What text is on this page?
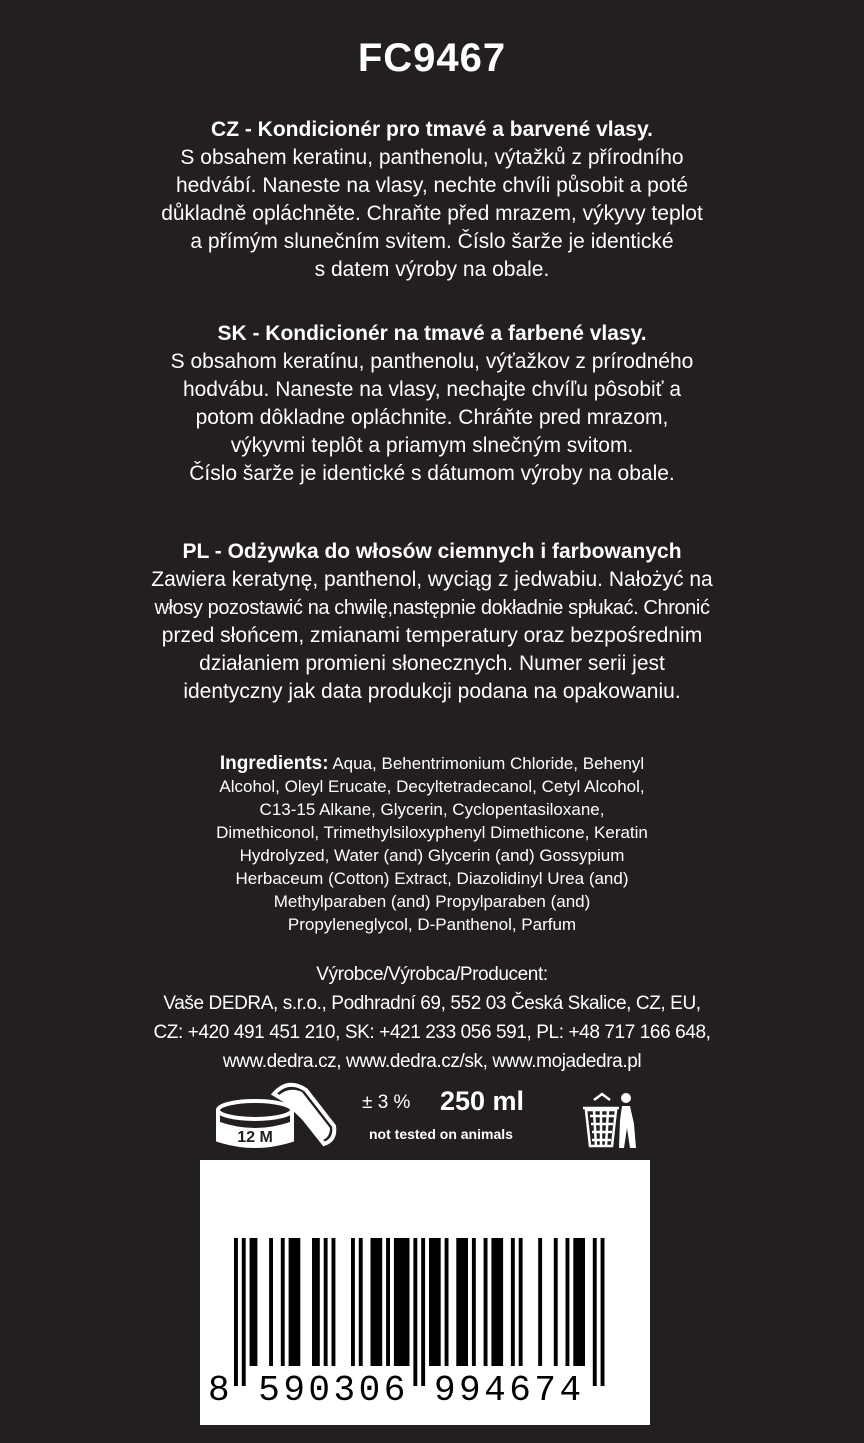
FC9467
CZ - Kondicionér pro tmavé a barvené vlasy.
S obsahem keratinu, panthenolu, výtažků z přírodního
hedvábí. Naneste na vlasy, nechte chvíli působit a poté
důkladně opláchněte. Chraňte před mrazem, výkyvy teplot
a přímým slunečním svitem. Číslo šarže je identické
s datem výroby na obale.
SK - Kondicionér na tmavé a farbené vlasy.
S obsahom keratínu, panthenolu, výťažkov z prírodného
hodvábu. Naneste na vlasy, nechajte chvíľu pôsobiť a
potom dôkladne opláchnite. Chráňte pred mrazom,
výkyvmi teplôt a priamym slnečným svitom.
Číslo šarže je identické s dátumom výroby na obale.
PL - Odżywka do włosów ciemnych i farbowanych
Zawiera keratynę, panthenol, wyciąg z jedwabiu. Nałożyć na
włosy pozostawić na chwilę,następnie dokładnie spłukać. Chronić
przed słońcem, zmianami temperatury oraz bezpośrednim
działaniem promieni słonecznych. Numer serii jest
identyczny jak data produkcji podana na opakowaniu.
Ingredients: Aqua, Behentrimonium Chloride, Behenyl
Alcohol, Oleyl Erucate, Decyltetradecanol, Cetyl Alcohol,
C13-15 Alkane, Glycerin, Cyclopentasiloxane,
Dimethiconol, Trimethylsiloxyphenyl Dimethicone, Keratin
Hydrolyzed, Water (and) Glycerin (and) Gossypium
Herbaceum (Cotton) Extract, Diazolidinyl Urea (and)
Methylparaben (and) Propylparaben (and)
Propyleneglycol, D-Panthenol, Parfum
Výrobce/Výrobca/Producent:
Vaše DEDRA, s.r.o., Podhradní 69, 552 03 Česká Skalice, CZ, EU,
CZ: +420 491 451 210, SK: +421 233 056 591, PL: +48 717 166 648,
www.dedra.cz, www.dedra.cz/sk, www.mojadedra.pl
12 M
± 3 % 250 ml
not tested on animals
8 590306 994674
